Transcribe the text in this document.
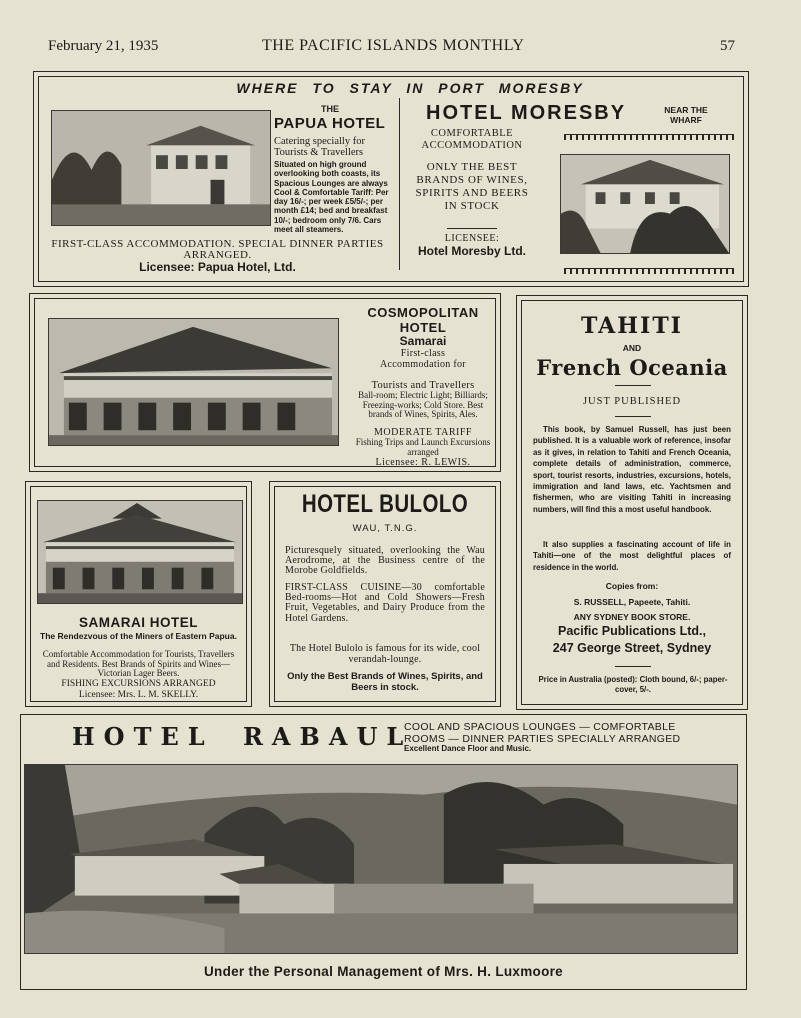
February 21, 1935	THE PACIFIC ISLANDS MONTHLY	57
WHERE TO STAY IN PORT MORESBY
THE
PAPUA HOTEL
Catering specially for Tourists & Travellers
Situated on high ground overlooking both coasts, its Spacious Lounges are always Cool & Comfortable Tariff: Per day 16/-; per week £5/5/-; per month £14; bed and breakfast 10/-; bedroom only 7/6. Cars meet all steamers.
FIRST-CLASS ACCOMMODATION. SPECIAL DINNER PARTIES ARRANGED.
Licensee: Papua Hotel, Ltd.
HOTEL MORESBY	NEAR THE WHARF
COMFORTABLE ACCOMMODATION
ONLY THE BEST BRANDS OF WINES, SPIRITS AND BEERS IN STOCK
LICENSEE:
Hotel Moresby Ltd.
COSMOPOLITAN
HOTEL
Samarai
First-class Accommodation for
Tourists and Travellers
Ball-room; Electric Light; Billiards; Freezing-works; Cold Store. Best brands of Wines, Spirits, Ales.
MODERATE TARIFF
Fishing Trips and Launch Excursions arranged
Licensee: R. LEWIS.
TAHITI
AND
French Oceania
JUST PUBLISHED
This book, by Samuel Russell, has just been published. It is a valuable work of reference, insofar as it gives, in relation to Tahiti and French Oceania, complete details of administration, commerce, sport, tourist resorts, industries, excursions, hotels, immigration and land laws, etc. Yachtsmen and fishermen, who are visiting Tahiti in increasing numbers, will find this a most useful handbook.
It also supplies a fascinating account of life in Tahiti—one of the most delightful places of residence in the world.
Copies from:
S. RUSSELL, Papeete, Tahiti.
ANY SYDNEY BOOK STORE.
Pacific Publications Ltd.,
247 George Street, Sydney
Price in Australia (posted): Cloth bound, 6/-; paper-cover, 5/-.
SAMARAI HOTEL
The Rendezvous of the Miners of Eastern Papua.
Comfortable Accommodation for Tourists, Travellers and Residents. Best Brands of Spirits and Wines—Victorian Lager Beers.
FISHING EXCURSIONS ARRANGED
Licensee: Mrs. L. M. SKELLY.
HOTEL BULOLO
WAU, T.N.G.
Picturesquely situated, overlooking the Wau Aerodrome, at the Business centre of the Morobe Goldfields.
FIRST-CLASS CUISINE—30 comfortable Bed-rooms—Hot and Cold Showers—Fresh Fruit, Vegetables, and Dairy Produce from the Hotel Gardens.
The Hotel Bulolo is famous for its wide, cool verandah-lounge.
Only the Best Brands of Wines, Spirits, and Beers in stock.
HOTEL RABAUL
COOL AND SPACIOUS LOUNGES — COMFORTABLE
ROOMS — DINNER PARTIES SPECIALLY ARRANGED
Excellent Dance Floor and Music.
Under the Personal Management of Mrs. H. Luxmoore
